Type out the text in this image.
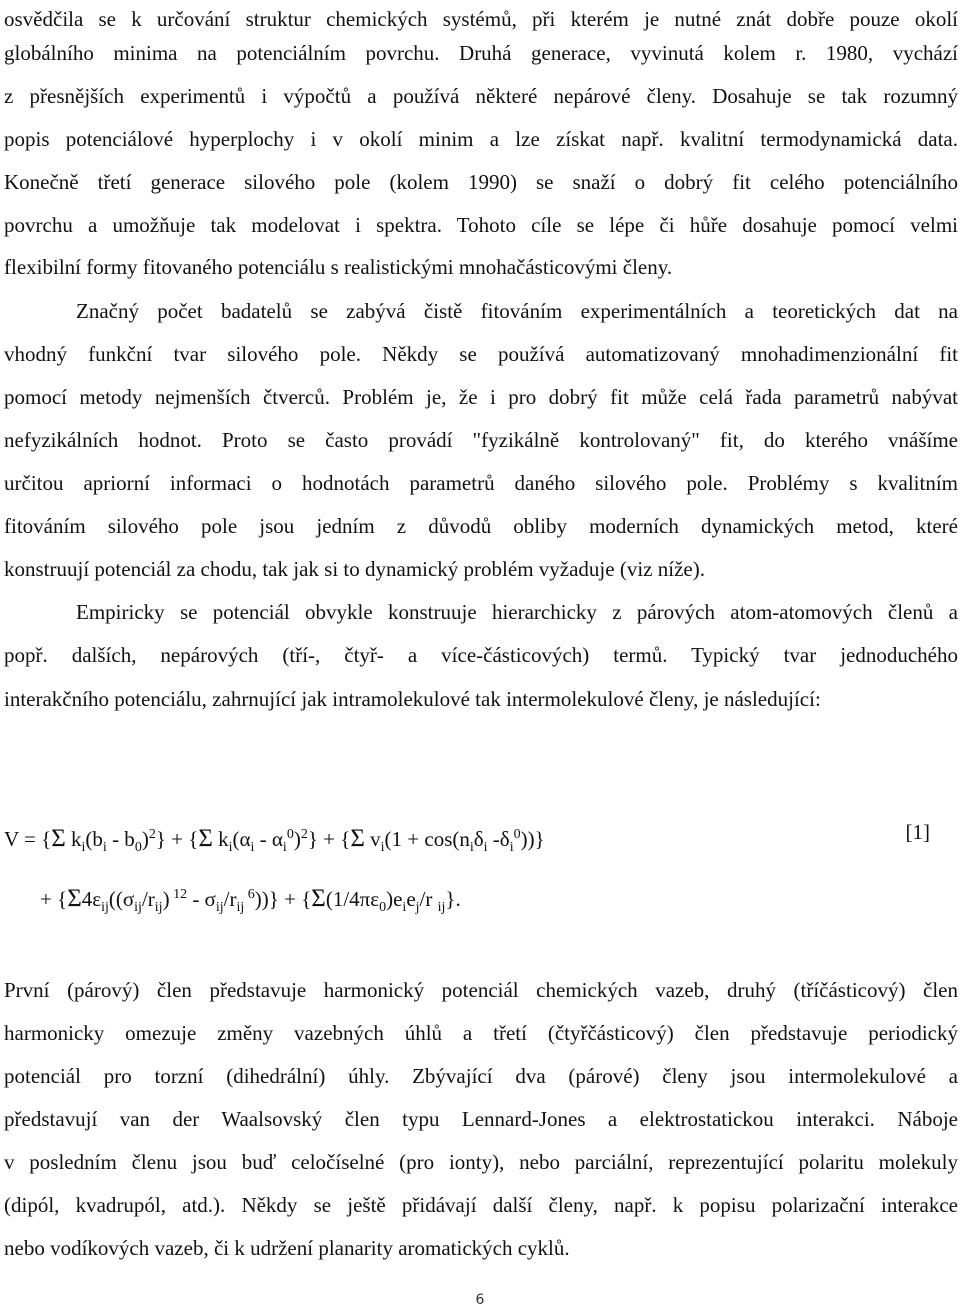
osvědčila se k určování struktur chemických systémů, při kterém je nutné znát dobře pouze okolí
globálního minima na potenciálním povrchu. Druhá generace, vyvinutá kolem r. 1980, vychází
z přesnějších experimentů i výpočtů a používá některé nepárové členy. Dosahuje se tak rozumný
popis potenciálové hyperplochy i v okolí minim a lze získat např. kvalitní termodynamická data.
Konečně třetí generace silového pole (kolem 1990) se snaží o dobrý fit celého potenciálního
povrchu a umožňuje tak modelovat i spektra. Tohoto cíle se lépe či hůře dosahuje pomocí velmi
flexibilní formy fitovaného potenciálu s realistickými mnohačásticovými členy.
Značný počet badatelů se zabývá čistě fitováním experimentálních a teoretických dat na
vhodný funkční tvar silového pole. Někdy se používá automatizovaný mnohadimenzionální fit
pomocí metody nejmenších čtverců. Problém je, že i pro dobrý fit může celá řada parametrů nabývat
nefyzikálních hodnot. Proto se často provádí "fyzikálně kontrolovaný" fit, do kterého vnášíme
určitou apriorní informaci o hodnotách parametrů daného silového pole. Problémy s kvalitním
fitováním silového pole jsou jedním z důvodů obliby moderních dynamických metod, které
konstruují potenciál za chodu, tak jak si to dynamický problém vyžaduje (viz níže).
Empiricky se potenciál obvykle konstruuje hierarchicky z párových atom-atomových členů a
popř. dalších, nepárových (tří-, čtyř- a více-částicových) termů. Typický tvar jednoduchého
interakčního potenciálu, zahrnující jak intramolekulové tak intermolekulové členy, je následující:
V = {Σ $k_i(b_i - b_0)^2\} + \{\Sigma$ $k_i(\alpha_i - \alpha_i^0)^2\} + \{\Sigma$ $v_i(1 + \cos(n_i\delta_i$ $-\delta_i^0$))}	[1]
+ {$\Sigma 4\varepsilon_{ij}((\sigma_{ij}/r_{ij})$ $^{12} - \sigma_{ij}/r_{ij}$ $^6))\} + \{\Sigma(1/4\pi\varepsilon_0)e_ie_j/r$ $_{ij}$}.
První (párový) člen představuje harmonický potenciál chemických vazeb, druhý (tříčásticový) člen
harmonicky omezuje změny vazebných úhlů a třetí (čtyřčásticový) člen představuje periodický
potenciál pro torzní (dihedrální) úhly. Zbývající dva (párové) členy jsou intermolekulové a
představují van der Waalsovský člen typu Lennard-Jones a elektrostatickou interakci. Náboje
v posledním členu jsou buď celočíselné (pro ionty), nebo parciální, reprezentující polaritu molekuly
(dipól, kvadrupól, atd.). Někdy se ještě přidávají další členy, např. k popisu polarizační interakce
nebo vodíkových vazeb, či k udržení planarity aromatických cyklů.
6
